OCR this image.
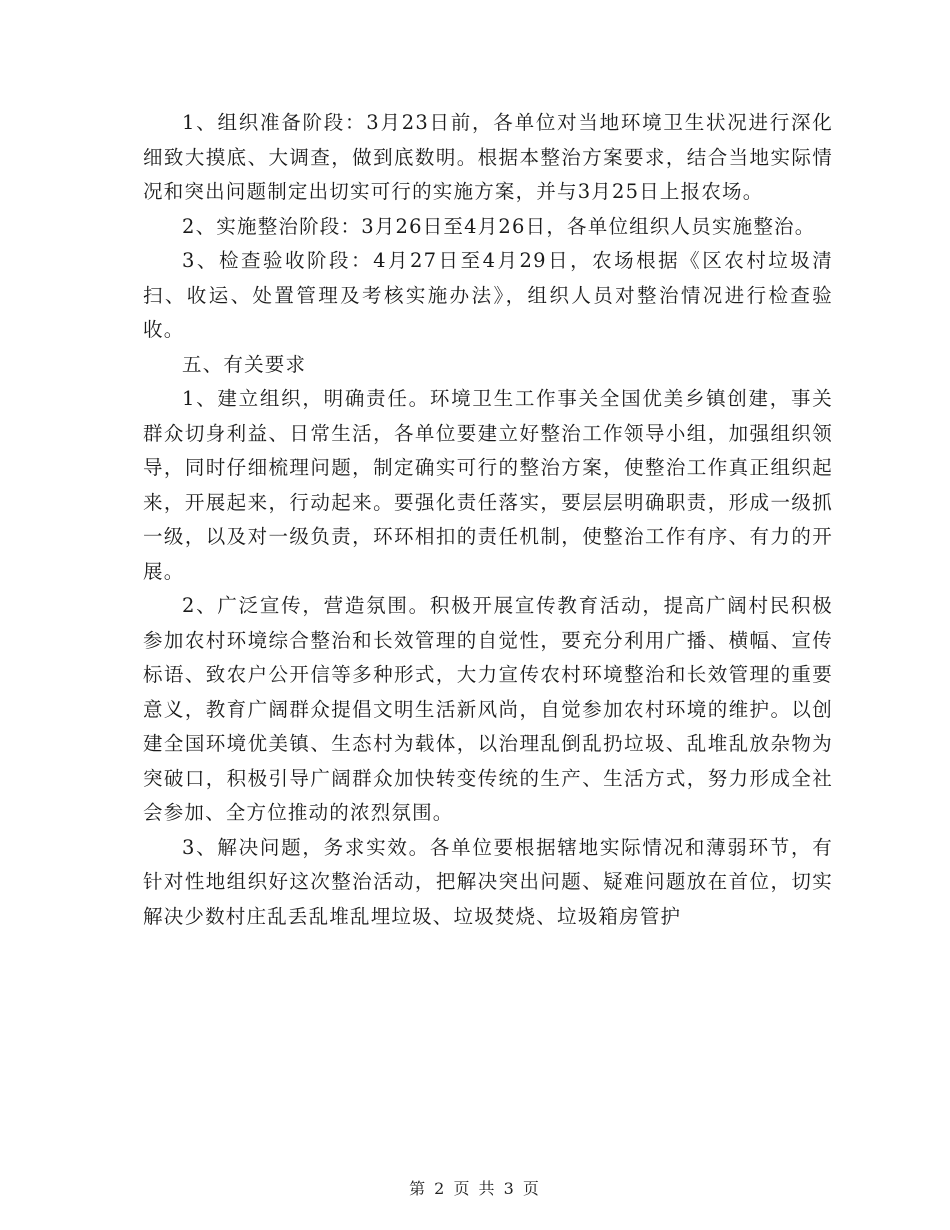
1、组织准备阶段：3月23日前，各单位对当地环境卫生状况进行深化细致大摸底、大调查，做到底数明。根据本整治方案要求，结合当地实际情况和突出问题制定出切实可行的实施方案，并与3月25日上报农场。

2、实施整治阶段：3月26日至4月26日，各单位组织人员实施整治。

3、检查验收阶段：4月27日至4月29日，农场根据《区农村垃圾清扫、收运、处置管理及考核实施办法》，组织人员对整治情况进行检查验收。

五、有关要求

1、建立组织，明确责任。环境卫生工作事关全国优美乡镇创建，事关群众切身利益、日常生活，各单位要建立好整治工作领导小组，加强组织领导，同时仔细梳理问题，制定确实可行的整治方案，使整治工作真正组织起来，开展起来，行动起来。要强化责任落实，要层层明确职责，形成一级抓一级，以及对一级负责，环环相扣的责任机制，使整治工作有序、有力的开展。

2、广泛宣传，营造氛围。积极开展宣传教育活动，提高广阔村民积极参加农村环境综合整治和长效管理的自觉性，要充分利用广播、横幅、宣传标语、致农户公开信等多种形式，大力宣传农村环境整治和长效管理的重要意义，教育广阔群众提倡文明生活新风尚，自觉参加农村环境的维护。以创建全国环境优美镇、生态村为载体，以治理乱倒乱扔垃圾、乱堆乱放杂物为突破口，积极引导广阔群众加快转变传统的生产、生活方式，努力形成全社会参加、全方位推动的浓烈氛围。

3、解决问题，务求实效。各单位要根据辖地实际情况和薄弱环节，有针对性地组织好这次整治活动，把解决突出问题、疑难问题放在首位，切实解决少数村庄乱丢乱堆乱埋垃圾、垃圾焚烧、垃圾箱房管护

第 2 页 共 3 页
